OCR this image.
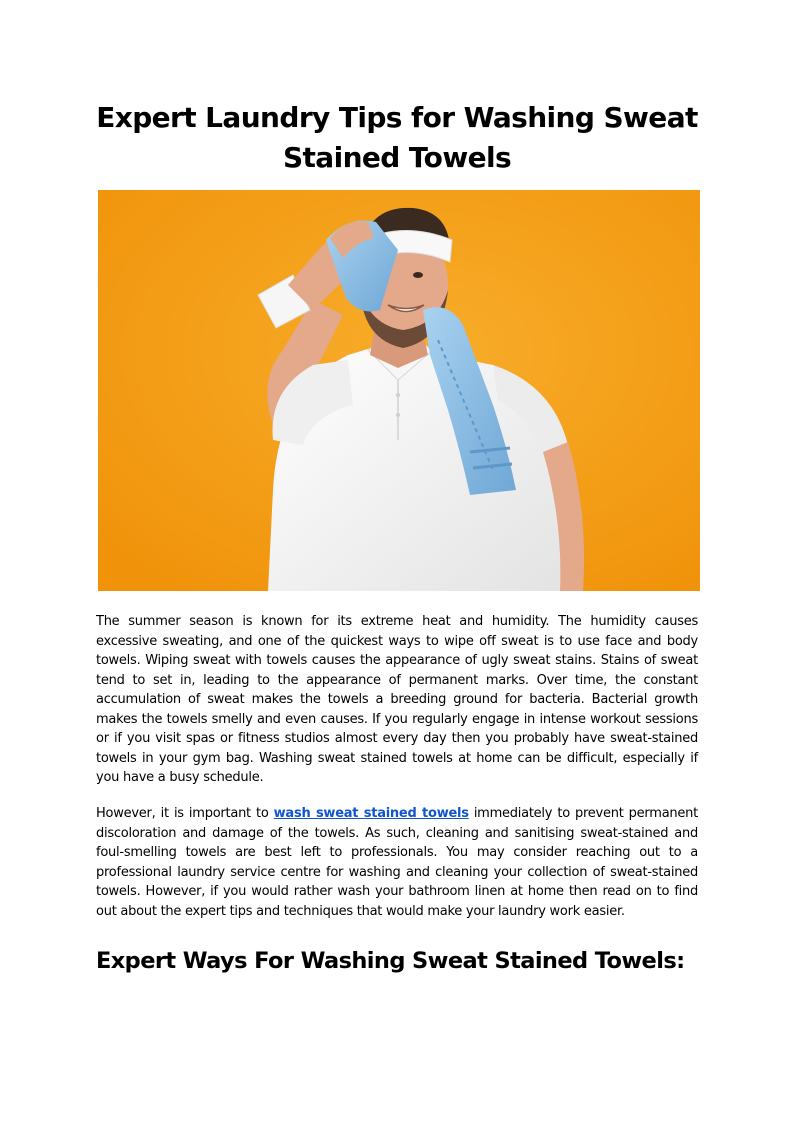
Expert Laundry Tips for Washing Sweat Stained Towels

The summer season is known for its extreme heat and humidity. The humidity causes excessive sweating, and one of the quickest ways to wipe off sweat is to use face and body towels. Wiping sweat with towels causes the appearance of ugly sweat stains. Stains of sweat tend to set in, leading to the appearance of permanent marks. Over time, the constant accumulation of sweat makes the towels a breeding ground for bacteria. Bacterial growth makes the towels smelly and even causes. If you regularly engage in intense workout sessions or if you visit spas or fitness studios almost every day then you probably have sweat-stained towels in your gym bag. Washing sweat stained towels at home can be difficult, especially if you have a busy schedule.

However, it is important to wash sweat stained towels immediately to prevent permanent discoloration and damage of the towels. As such, cleaning and sanitising sweat-stained and foul-smelling towels are best left to professionals. You may consider reaching out to a professional laundry service centre for washing and cleaning your collection of sweat-stained towels. However, if you would rather wash your bathroom linen at home then read on to find out about the expert tips and techniques that would make your laundry work easier.

Expert Ways For Washing Sweat Stained Towels:
